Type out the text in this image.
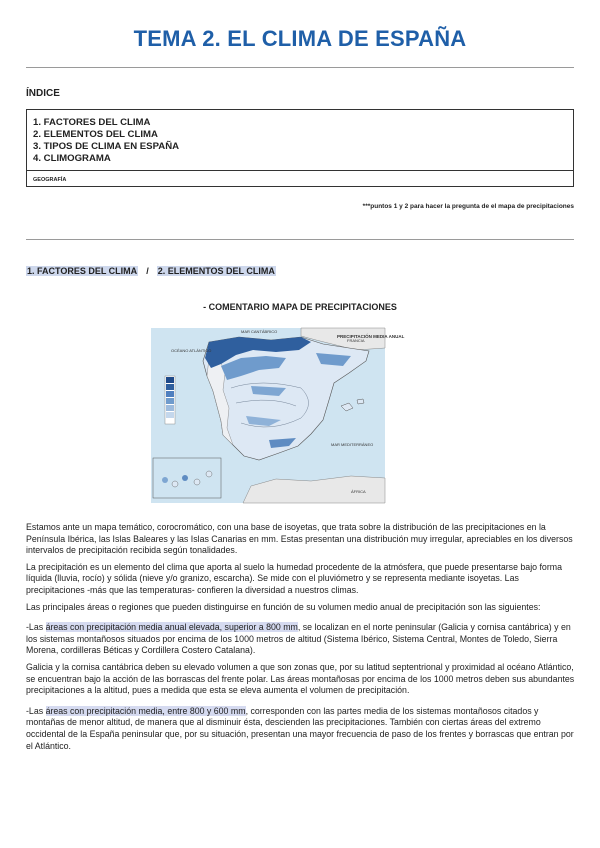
TEMA 2. EL CLIMA DE ESPAÑA
ÍNDICE
1. FACTORES DEL CLIMA
2. ELEMENTOS DEL CLIMA
3. TIPOS DE CLIMA EN ESPAÑA
4. CLIMOGRAMA
GEOGRAFÍA
***puntos 1 y 2 para hacer la pregunta de el mapa de precipitaciones
1. FACTORES DEL CLIMA / 2. ELEMENTOS DEL CLIMA
- COMENTARIO MAPA DE PRECIPITACIONES
PRECIPITACIÓN MEDIA ANUAL
OCÉANO ATLÁNTICO
MAR CANTÁBRICO
FRANCIA
MAR MEDITERRÁNEO
ÁFRICA

Estamos ante un mapa temático, corocromático, con una base de isoyetas, que trata sobre la distribución de las precipitaciones en la Península Ibérica, las Islas Baleares y las Islas Canarias en mm. Estas presentan una distribución muy irregular, apreciables en los diversos intervalos de precipitación recibida según tonalidades.

La precipitación es un elemento del clima que aporta al suelo la humedad procedente de la atmósfera, que puede presentarse bajo forma líquida (lluvia, rocío) y sólida (nieve y/o granizo, escarcha). Se mide con el pluviómetro y se representa mediante isoyetas. Las precipitaciones -más que las temperaturas- confieren la diversidad a nuestros climas.

Las principales áreas o regiones que pueden distinguirse en función de su volumen medio anual de precipitación son las siguientes:

-Las áreas con precipitación media anual elevada, superior a 800 mm, se localizan en el norte peninsular (Galicia y cornisa cantábrica) y en los sistemas montañosos situados por encima de los 1000 metros de altitud (Sistema Ibérico, Sistema Central, Montes de Toledo, Sierra Morena, cordilleras Béticas y Cordillera Costero Catalana).

Galicia y la cornisa cantábrica deben su elevado volumen a que son zonas que, por su latitud septentrional y proximidad al océano Atlántico, se encuentran bajo la acción de las borrascas del frente polar. Las áreas montañosas por encima de los 1000 metros deben sus abundantes precipitaciones a la altitud, pues a medida que esta se eleva aumenta el volumen de precipitación.

-Las áreas con precipitación media, entre 800 y 600 mm, corresponden con las partes media de los sistemas montañosos citados y montañas de menor altitud, de manera que al disminuir ésta, descienden las precipitaciones. También con ciertas áreas del extremo occidental de la España peninsular que, por su situación, presentan una mayor frecuencia de paso de los frentes y borrascas que entran por el Atlántico.
